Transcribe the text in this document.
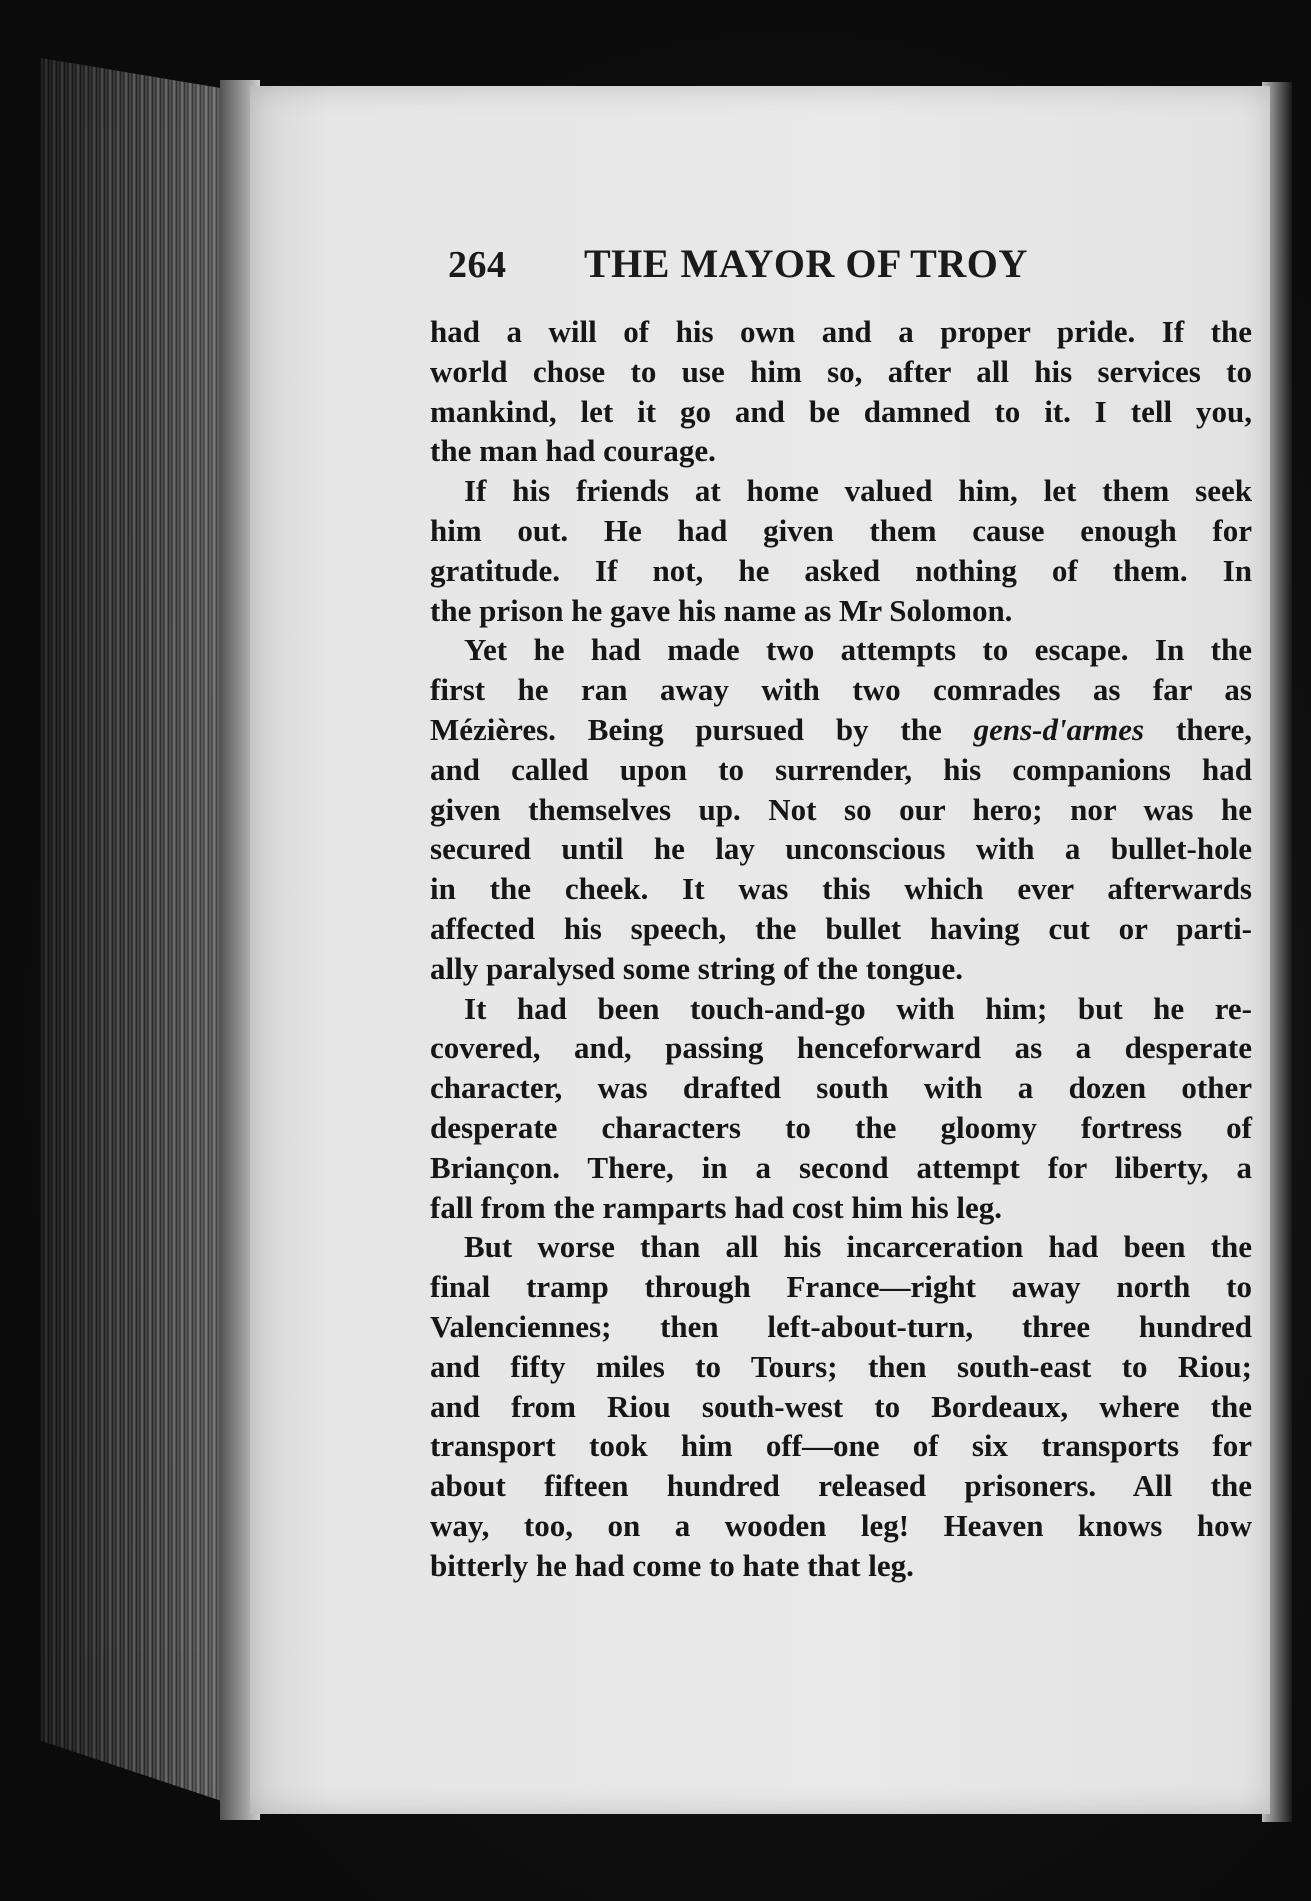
264 THE MAYOR OF TROY
had a will of his own and a proper pride. If the
world chose to use him so, after all his services to
mankind, let it go and be damned to it. I tell you,
the man had courage.
If his friends at home valued him, let them seek
him out. He had given them cause enough for
gratitude. If not, he asked nothing of them. In
the prison he gave his name as Mr Solomon.
Yet he had made two attempts to escape. In the
first he ran away with two comrades as far as
Mézières. Being pursued by the gens-d'armes there,
and called upon to surrender, his companions had
given themselves up. Not so our hero; nor was he
secured until he lay unconscious with a bullet-hole
in the cheek. It was this which ever afterwards
affected his speech, the bullet having cut or parti-
ally paralysed some string of the tongue.
It had been touch-and-go with him; but he re-
covered, and, passing henceforward as a desperate
character, was drafted south with a dozen other
desperate characters to the gloomy fortress of
Briançon. There, in a second attempt for liberty, a
fall from the ramparts had cost him his leg.
But worse than all his incarceration had been the
final tramp through France—right away north to
Valenciennes; then left-about-turn, three hundred
and fifty miles to Tours; then south-east to Riou;
and from Riou south-west to Bordeaux, where the
transport took him off—one of six transports for
about fifteen hundred released prisoners. All the
way, too, on a wooden leg! Heaven knows how
bitterly he had come to hate that leg.
